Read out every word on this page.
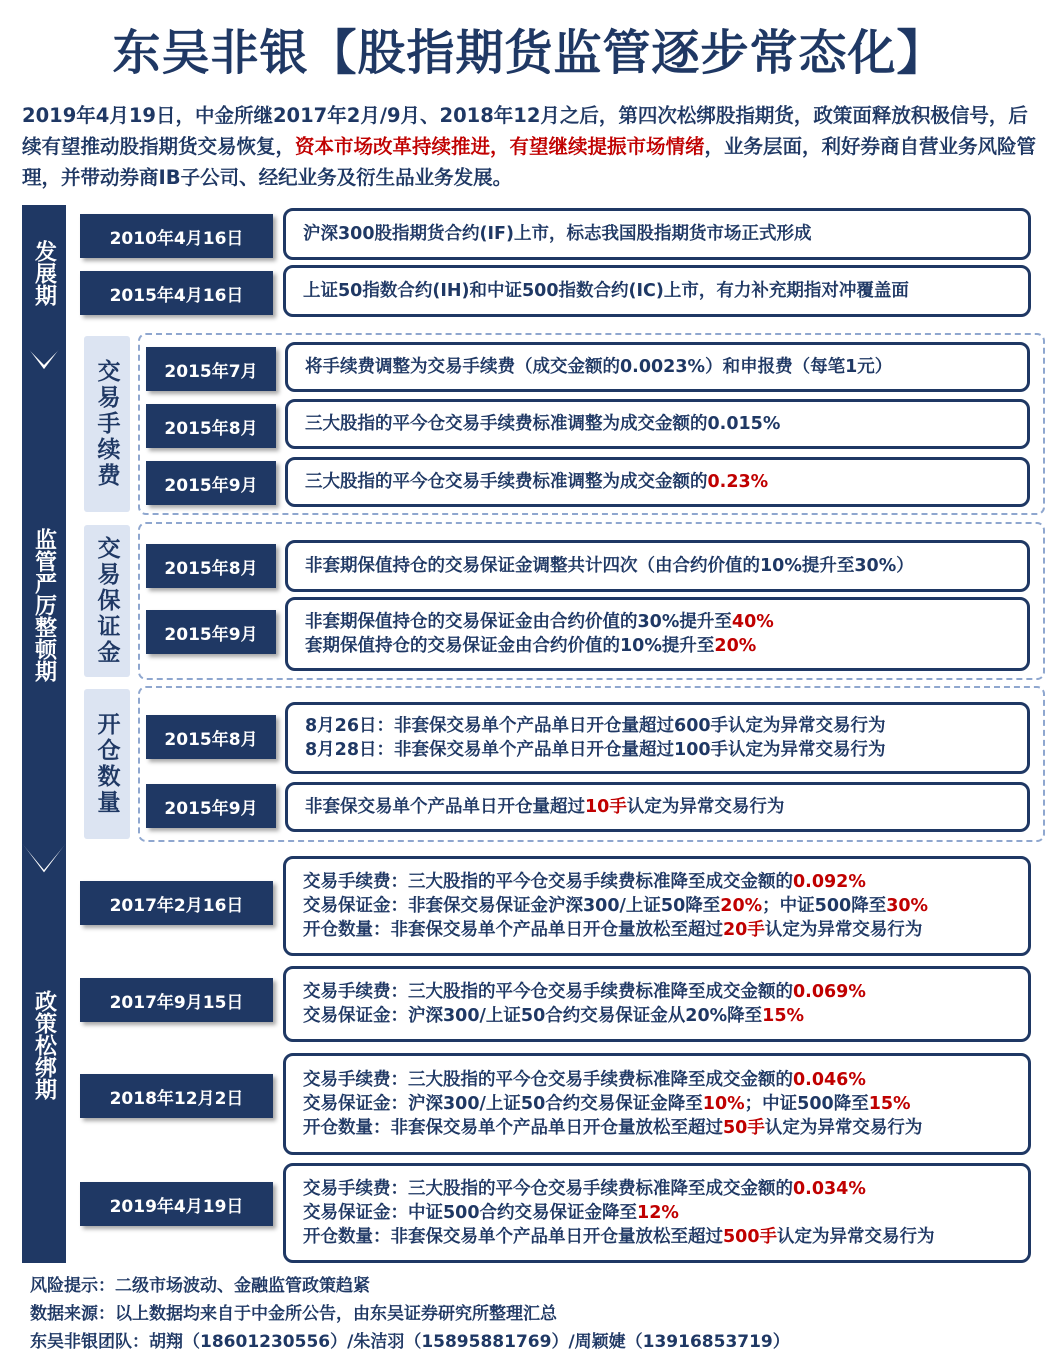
东吴非银【股指期货监管逐步常态化】
2019年4月19日，中金所继2017年2月/9月、2018年12月之后，第四次松绑股指期货，政策面释放积极信号，后续有望推动股指期货交易恢复，资本市场改革持续推进，有望继续提振市场情绪，业务层面，利好券商自营业务风险管理，并带动券商IB子公司、经纪业务及衍生品业务发展。
发展期
监管严厉整顿期
政策松绑期
2010年4月16日	沪深300股指期货合约(IF)上市，标志我国股指期货市场正式形成
2015年4月16日	上证50指数合约(IH)和中证500指数合约(IC)上市，有力补充期指对冲覆盖面
交易手续费	2015年7月	将手续费调整为交易手续费（成交金额的0.0023%）和申报费（每笔1元）
2015年8月	三大股指的平今仓交易手续费标准调整为成交金额的0.015%
2015年9月	三大股指的平今仓交易手续费标准调整为成交金额的0.23%
交易保证金	2015年8月	非套期保值持仓的交易保证金调整共计四次（由合约价值的10%提升至30%）
2015年9月
非套期保值持仓的交易保证金由合约价值的30%提升至40%
套期保值持仓的交易保证金由合约价值的10%提升至20%
开仓数量	2015年8月
8月26日：非套保交易单个产品单日开仓量超过600手认定为异常交易行为
8月28日：非套保交易单个产品单日开仓量超过100手认定为异常交易行为
2015年9月	非套保交易单个产品单日开仓量超过10手认定为异常交易行为
2017年2月16日
交易手续费：三大股指的平今仓交易手续费标准降至成交金额的0.092%
交易保证金：非套保交易保证金沪深300/上证50降至20%；中证500降至30%
开仓数量：非套保交易单个产品单日开仓量放松至超过20手认定为异常交易行为
2017年9月15日
交易手续费：三大股指的平今仓交易手续费标准降至成交金额的0.069%
交易保证金：沪深300/上证50合约交易保证金从20%降至15%
2018年12月2日
交易手续费：三大股指的平今仓交易手续费标准降至成交金额的0.046%
交易保证金：沪深300/上证50合约交易保证金降至10%；中证500降至15%
开仓数量：非套保交易单个产品单日开仓量放松至超过50手认定为异常交易行为
2019年4月19日
交易手续费：三大股指的平今仓交易手续费标准降至成交金额的0.034%
交易保证金：中证500合约交易保证金降至12%
开仓数量：非套保交易单个产品单日开仓量放松至超过500手认定为异常交易行为
风险提示：二级市场波动、金融监管政策趋紧
数据来源：以上数据均来自于中金所公告，由东吴证券研究所整理汇总
东吴非银团队：胡翔（18601230556）/朱洁羽（15895881769）/周颖婕（13916853719）
